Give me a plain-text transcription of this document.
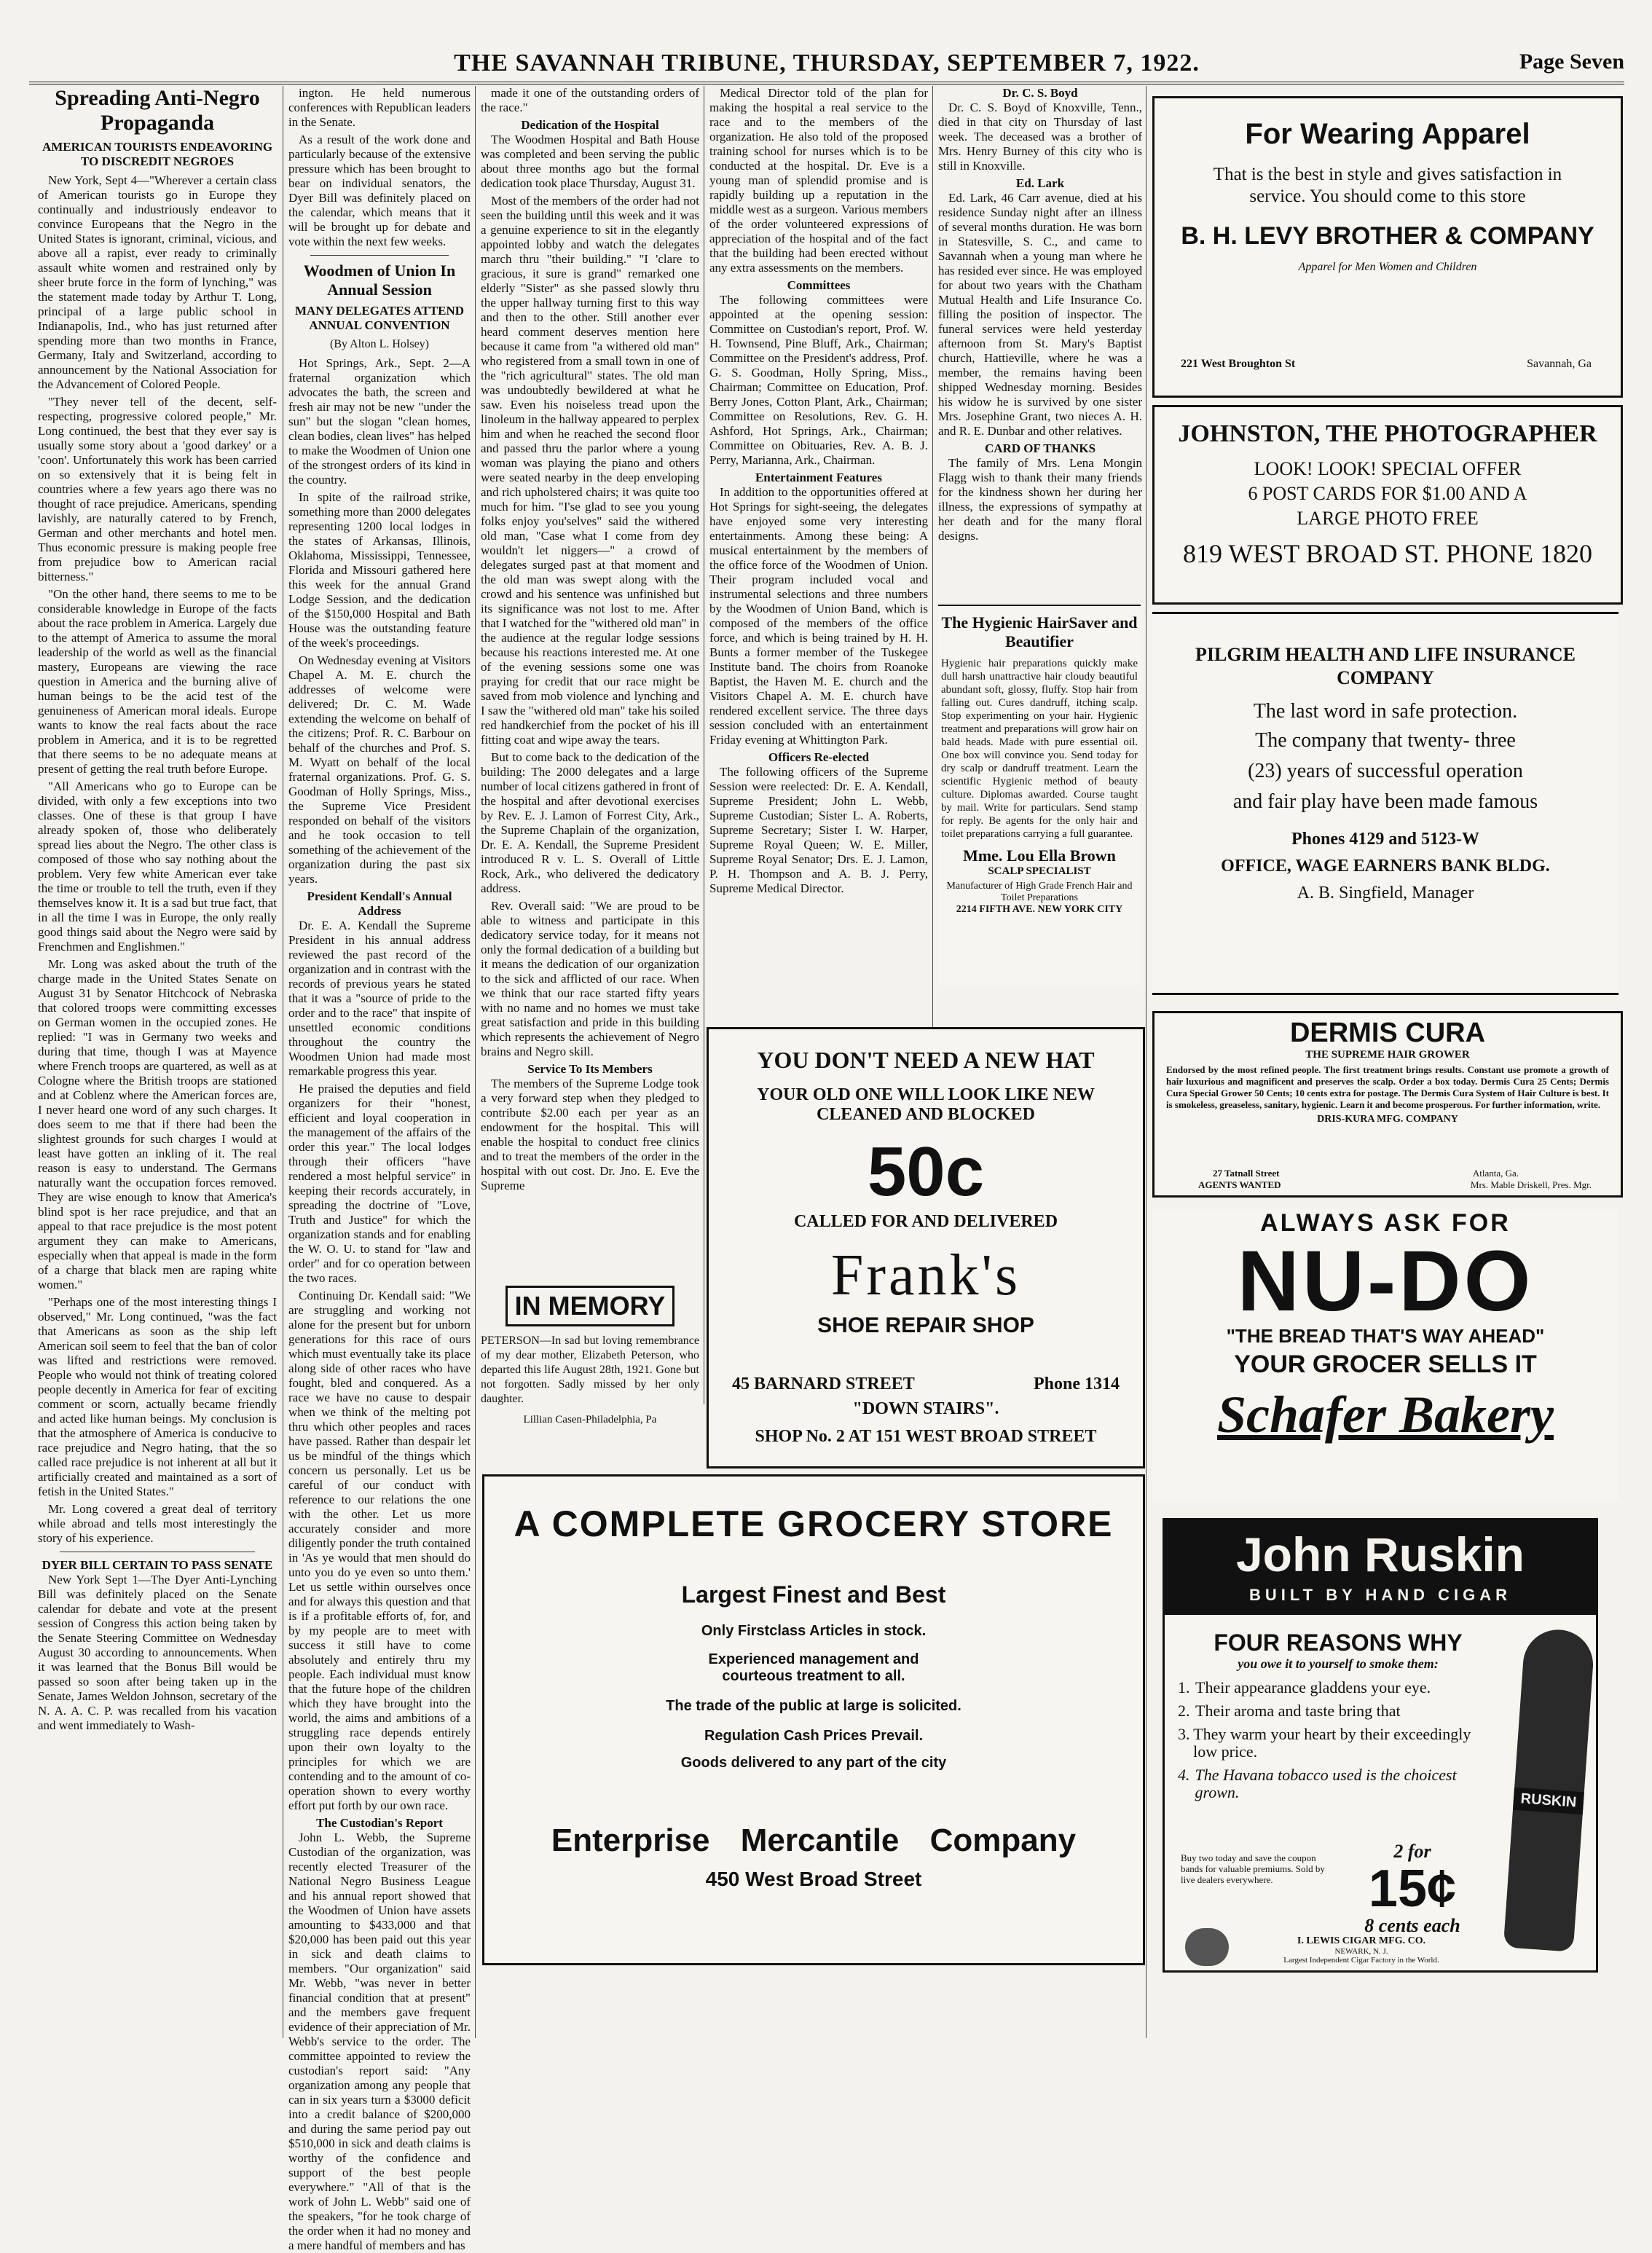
THE SAVANNAH TRIBUNE, THURSDAY, SEPTEMBER 7, 1922.	Page Seven
Spreading Anti-Negro Propaganda
AMERICAN TOURISTS ENDEAVORING TO DISCREDIT NEGROES

New York, Sept 4—"Wherever a certain class of American tourists go in Europe they continually and industriously endeavor to convince Europeans that the Negro in the United States is ignorant, criminal, vicious, and above all a rapist, ever ready to criminally assault white women and restrained only by sheer brute force in the form of lynching," was the statement made today by Arthur T. Long, principal of a large public school in Indianapolis, Ind., who has just returned after spending more than two months in France, Germany, Italy and Switzerland, according to announcement by the National Association for the Advancement of Colored People.

"They never tell of the decent, self-respecting, progressive colored people," Mr. Long continued, the best that they ever say is usually some story about a 'good darkey' or a 'coon'. Unfortunately this work has been carried on so extensively that it is being felt in countries where a few years ago there was no thought of race prejudice. Americans, spending lavishly, are naturally catered to by French, German and other merchants and hotel men. Thus economic pressure is making people free from prejudice bow to American racial bitterness."

"On the other hand, there seems to me to be considerable knowledge in Europe of the facts about the race problem in America. Largely due to the attempt of America to assume the moral leadership of the world as well as the financial mastery, Europeans are viewing the race question in America and the burning alive of human beings to be the acid test of the genuineness of American moral ideals. Europe wants to know the real facts about the race problem in America, and it is to be regretted that there seems to be no adequate means at present of getting the real truth before Europe.

"All Americans who go to Europe can be divided, with only a few exceptions into two classes. One of these is that group I have already spoken of, those who deliberately spread lies about the Negro. The other class is composed of those who say nothing about the problem. Very few white American ever take the time or trouble to tell the truth, even if they themselves know it. It is a sad but true fact, that in all the time I was in Europe, the only really good things said about the Negro were said by Frenchmen and Englishmen."

Mr. Long was asked about the truth of the charge made in the United States Senate on August 31 by Senator Hitchcock of Nebraska that colored troops were committing excesses on German women in the occupied zones. He replied: "I was in Germany two weeks and during that time, though I was at Mayence where French troops are quartered, as well as at Cologne where the British troops are stationed and at Coblenz where the American forces are, I never heard one word of any such charges. It does seem to me that if there had been the slightest grounds for such charges I would at least have gotten an inkling of it. The real reason is easy to understand. The Germans naturally want the occupation forces removed. They are wise enough to know that America's blind spot is her race prejudice, and that an appeal to that race prejudice is the most potent argument they can make to Americans, especially when that appeal is made in the form of a charge that black men are raping white women."

"Perhaps one of the most interesting things I observed," Mr. Long continued, "was the fact that Americans as soon as the ship left American soil seem to feel that the ban of color was lifted and restrictions were removed. People who would not think of treating colored people decently in America for fear of exciting comment or scorn, actually became friendly and acted like human beings. My conclusion is that the atmosphere of America is conducive to race prejudice and Negro hating, that the so called race prejudice is not inherent at all but it artificially created and maintained as a sort of fetish in the United States."

Mr. Long covered a great deal of territory while abroad and tells most interestingly the story of his experience.

DYER BILL CERTAIN TO PASS SENATE

New York Sept 1—The Dyer Anti-Lynching Bill was definitely placed on the Senate calendar for debate and vote at the present session of Congress this action being taken by the Senate Steering Committee on Wednesday August 30 according to announcements. When it was learned that the Bonus Bill would be passed so soon after being taken up in the Senate, James Weldon Johnson, secretary of the N. A. A. C. P. was recalled from his vacation and went immediately to Wash-

ington. He held numerous conferences with Republican leaders in the Senate.

As a result of the work done and particularly because of the extensive pressure which has been brought to bear on individual senators, the Dyer Bill was definitely placed on the calendar, which means that it will be brought up for debate and vote within the next few weeks.

Woodmen of Union In Annual Session
MANY DELEGATES ATTEND ANNUAL CONVENTION
(By Alton L. Holsey)

Hot Springs, Ark., Sept. 2—A fraternal organization which advocates the bath, the screen and fresh air may not be new "under the sun" but the slogan "clean homes, clean bodies, clean lives" has helped to make the Woodmen of Union one of the strongest orders of its kind in the country.

In spite of the railroad strike, something more than 2000 delegates representing 1200 local lodges in the states of Arkansas, Illinois, Oklahoma, Mississippi, Tennessee, Florida and Missouri gathered here this week for the annual Grand Lodge Session, and the dedication of the $150,000 Hospital and Bath House was the outstanding feature of the week's proceedings.

On Wednesday evening at Visitors Chapel A. M. E. church the addresses of welcome were delivered; Dr. C. M. Wade extending the welcome on behalf of the citizens; Prof. R. C. Barbour on behalf of the churches and Prof. S. M. Wyatt on behalf of the local fraternal organizations. Prof. G. S. Goodman of Holly Springs, Miss., the Supreme Vice President responded on behalf of the visitors and he took occasion to tell something of the achievement of the organization during the past six years.

President Kendall's Annual Address

Dr. E. A. Kendall the Supreme President in his annual address reviewed the past record of the organization and in contrast with the records of previous years he stated that it was a "source of pride to the order and to the race" that inspite of unsettled economic conditions throughout the country the Woodmen Union had made most remarkable progress this year.

He praised the deputies and field organizers for their "honest, efficient and loyal cooperation in the management of the affairs of the order this year." The local lodges through their officers "have rendered a most helpful service" in keeping their records accurately, in spreading the doctrine of "Love, Truth and Justice" for which the organization stands and for enabling the W. O. U. to stand for "law and order" and for co operation between the two races.

Continuing Dr. Kendall said: "We are struggling and working not alone for the present but for unborn generations for this race of ours which must eventually take its place along side of other races who have fought, bled and conquered. As a race we have no cause to despair when we think of the melting pot thru which other peoples and races have passed. Rather than despair let us be mindful of the things which concern us personally. Let us be careful of our conduct with reference to our relations the one with the other. Let us more accurately consider and more diligently ponder the truth contained in 'As ye would that men should do unto you do ye even so unto them.' Let us settle within ourselves once and for always this question and that is if a profitable efforts of, for, and by my people are to meet with success it still have to come absolutely and entirely thru my people. Each individual must know that the future hope of the children which they have brought into the world, the aims and ambitions of a struggling race depends entirely upon their own loyalty to the principles for which we are contending and to the amount of co-operation shown to every worthy effort put forth by our own race.

The Custodian's Report

John L. Webb, the Supreme Custodian of the organization, was recently elected Treasurer of the National Negro Business League and his annual report showed that the Woodmen of Union have assets amounting to $433,000 and that $20,000 has been paid out this year in sick and death claims to members. "Our organization" said Mr. Webb, "was never in better financial condition that at present" and the members gave frequent evidence of their appreciation of Mr. Webb's service to the order. The committee appointed to review the custodian's report said: "Any organization among any people that can in six years turn a $3000 deficit into a credit balance of $200,000 and during the same period pay out $510,000 in sick and death claims is worthy of the confidence and support of the best people everywhere." "All of that is the work of John L. Webb" said one of the speakers, "for he took charge of the order when it had no money and a mere handful of members and has

made it one of the outstanding orders of the race."

Dedication of the Hospital

The Woodmen Hospital and Bath House was completed and been serving the public about three months ago but the formal dedication took place Thursday, August 31.

Most of the members of the order had not seen the building until this week and it was a genuine experience to sit in the elegantly appointed lobby and watch the delegates march thru "their building." "I 'clare to gracious, it sure is grand" remarked one elderly "Sister" as she passed slowly thru the upper hallway turning first to this way and then to the other. Still another ever heard comment deserves mention here because it came from "a withered old man" who registered from a small town in one of the "rich agricultural" states. The old man was undoubtedly bewildered at what he saw. Even his noiseless tread upon the linoleum in the hallway appeared to perplex him and when he reached the second floor and passed thru the parlor where a young woman was playing the piano and others were seated nearby in the deep enveloping and rich upholstered chairs; it was quite too much for him. "I'se glad to see you young folks enjoy you'selves" said the withered old man, "Case what I come from dey wouldn't let niggers—" a crowd of delegates surged past at that moment and the old man was swept along with the crowd and his sentence was unfinished but its significance was not lost to me. After that I watched for the "withered old man" in the audience at the regular lodge sessions because his reactions interested me. At one of the evening sessions some one was praying for credit that our race might be saved from mob violence and lynching and I saw the "withered old man" take his soiled red handkerchief from the pocket of his ill fitting coat and wipe away the tears.

But to come back to the dedication of the building: The 2000 delegates and a large number of local citizens gathered in front of the hospital and after devotional exercises by Rev. E. J. Lamon of Forrest City, Ark., the Supreme Chaplain of the organization, Dr. E. A. Kendall, the Supreme President introduced R v. L. S. Overall of Little Rock, Ark., who delivered the dedicatory address.

Rev. Overall said: "We are proud to be able to witness and participate in this dedicatory service today, for it means not only the formal dedication of a building but it means the dedication of our organization to the sick and afflicted of our race. When we think that our race started fifty years with no name and no homes we must take great satisfaction and pride in this building which represents the achievement of Negro brains and Negro skill.

Service To Its Members

The members of the Supreme Lodge took a very forward step when they pledged to contribute $2.00 each per year as an endowment for the hospital. This will enable the hospital to conduct free clinics and to treat the members of the order in the hospital with out cost. Dr. Jno. E. Eve the Supreme

Medical Director told of the plan for making the hospital a real service to the race and to the members of the organization. He also told of the proposed training school for nurses which is to be conducted at the hospital. Dr. Eve is a young man of splendid promise and is rapidly building up a reputation in the middle west as a surgeon. Various members of the order volunteered expressions of appreciation of the hospital and of the fact that the building had been erected without any extra assessments on the members.

Committees

The following committees were appointed at the opening session: Committee on Custodian's report, Prof. W. H. Townsend, Pine Bluff, Ark., Chairman; Committee on the President's address, Prof. G. S. Goodman, Holly Spring, Miss., Chairman; Committee on Education, Prof. Berry Jones, Cotton Plant, Ark., Chairman; Committee on Resolutions, Rev. G. H. Ashford, Hot Springs, Ark., Chairman; Committee on Obituaries, Rev. A. B. J. Perry, Marianna, Ark., Chairman.

Entertainment Features

In addition to the opportunities offered at Hot Springs for sight-seeing, the delegates have enjoyed some very interesting entertainments. Among these being: A musical entertainment by the members of the office force of the Woodmen of Union. Their program included vocal and instrumental selections and three numbers by the Woodmen of Union Band, which is composed of the members of the office force, and which is being trained by H. H. Bunts a former member of the Tuskegee Institute band. The choirs from Roanoke Baptist, the Haven M. E. church and the Visitors Chapel A. M. E. church have rendered excellent service. The three days session concluded with an entertainment Friday evening at Whittington Park.

Officers Re-elected

The following officers of the Supreme Session were reelected: Dr. E. A. Kendall, Supreme President; John L. Webb, Supreme Custodian; Sister L. A. Roberts, Supreme Secretary; Sister I. W. Harper, Supreme Royal Queen; W. E. Miller, Supreme Royal Senator; Drs. E. J. Lamon, P. H. Thompson and A. B. J. Perry, Supreme Medical Director.

Dr. C. S. Boyd

Dr. C. S. Boyd of Knoxville, Tenn., died in that city on Thursday of last week. The deceased was a brother of Mrs. Henry Burney of this city who is still in Knoxville.

Ed. Lark

Ed. Lark, 46 Carr avenue, died at his residence Sunday night after an illness of several months duration. He was born in Statesville, S. C., and came to Savannah when a young man where he has resided ever since. He was employed for about two years with the Chatham Mutual Health and Life Insurance Co. filling the position of inspector. The funeral services were held yesterday afternoon from St. Mary's Baptist church, Hattieville, where he was a member, the remains having been shipped Wednesday morning. Besides his widow he is survived by one sister Mrs. Josephine Grant, two nieces A. H. and R. E. Dunbar and other relatives.

CARD OF THANKS

The family of Mrs. Lena Mongin Flagg wish to thank their many friends for the kindness shown her during her illness, the expressions of sympathy at her death and for the many floral designs.

The Hygienic HairSaver and Beautifier
Hygienic hair preparations quickly make dull harsh unattractive hair cloudy beautiful abundant soft, glossy, fluffy. Stop hair from falling out. Cures dandruff, itching scalp. Stop experimenting on your hair. Hygienic treatment and preparations will grow hair on bald heads. Made with pure essential oil. One box will convince you. Send today for dry scalp or dandruff treatment. Learn the scientific Hygienic method of beauty culture. Diplomas awarded. Course taught by mail. Write for particulars. Send stamp for reply. Be agents for the only hair and toilet preparations carrying a full guarantee.
Mme. Lou Ella Brown
SCALP SPECIALIST
Manufacturer of High Grade French Hair and Toilet Preparations
2214 FIFTH AVE. NEW YORK CITY
For Wearing Apparel
That is the best in style and gives satisfaction in service. You should come to this store
B. H. LEVY BROTHER & COMPANY
Apparel for Men Women and Children
221 West Broughton St	Savannah, Ga
JOHNSTON, THE PHOTOGRAPHER
LOOK! LOOK! SPECIAL OFFER
6 POST CARDS FOR $1.00 AND A
LARGE PHOTO FREE
819 WEST BROAD ST. PHONE 1820
PILGRIM HEALTH AND LIFE INSURANCE COMPANY
The last word in safe protection.
The company that twenty- three
(23) years of successful operation
and fair play have been made famous
Phones 4129 and 5123-W
OFFICE, WAGE EARNERS BANK BLDG.
A. B. Singfield, Manager
DERMIS CURA
THE SUPREME HAIR GROWER
Endorsed by the most refined people. The first treatment brings results. Constant use promote a growth of hair luxurious and magnificent and preserves the scalp. Order a box today. Dermis Cura 25 Cents; Dermis Cura Special Grower 50 Cents; 10 cents extra for postage. The Dermis Cura System of Hair Culture is best. It is smokeless, greaseless, sanitary, hygienic. Learn it and become prosperous. For further information, write.
DRIS-KURA MFG. COMPANY
27 Tatnall Street	Atlanta, Ga.
AGENTS WANTED	Mrs. Mable Driskell, Pres. Mgr.
ALWAYS ASK FOR
NU-DO
"THE BREAD THAT'S WAY AHEAD"
YOUR GROCER SELLS IT
Schafer Bakery
YOU DON'T NEED A NEW HAT
YOUR OLD ONE WILL LOOK LIKE NEW
CLEANED AND BLOCKED
50c
CALLED FOR AND DELIVERED
Frank's
SHOE REPAIR SHOP
45 BARNARD STREET	Phone 1314
"DOWN STAIRS".
SHOP No. 2 AT 151 WEST BROAD STREET
IN MEMORY
PETERSON—In sad but loving remembrance of my dear mother, Elizabeth Peterson, who departed this life August 28th, 1921. Gone but not forgotten. Sadly missed by her only daughter.
Lillian Casen-Philadelphia, Pa
A COMPLETE GROCERY STORE
Largest Finest and Best
Only Firstclass Articles in stock.
Experienced management and courteous treatment to all.
The trade of the public at large is solicited.
Regulation Cash Prices Prevail.
Goods delivered to any part of the city
Enterprise Mercantile Company
450 West Broad Street
John Ruskin
BUILT BY HAND CIGAR
RUSKIN
FOUR REASONS WHY
you owe it to yourself to smoke them:
1. Their appearance gladdens your eye.
2. Their aroma and taste bring that
3. They warm your heart by their exceedingly low price.
4. The Havana tobacco used is the choicest grown.
Buy two today and save the coupon bands for valuable premiums. Sold by live dealers everywhere.
2 for
15¢
8 cents each
I. LEWIS CIGAR MFG. CO.
NEWARK, N. J.
Largest Independent Cigar Factory in the World.
